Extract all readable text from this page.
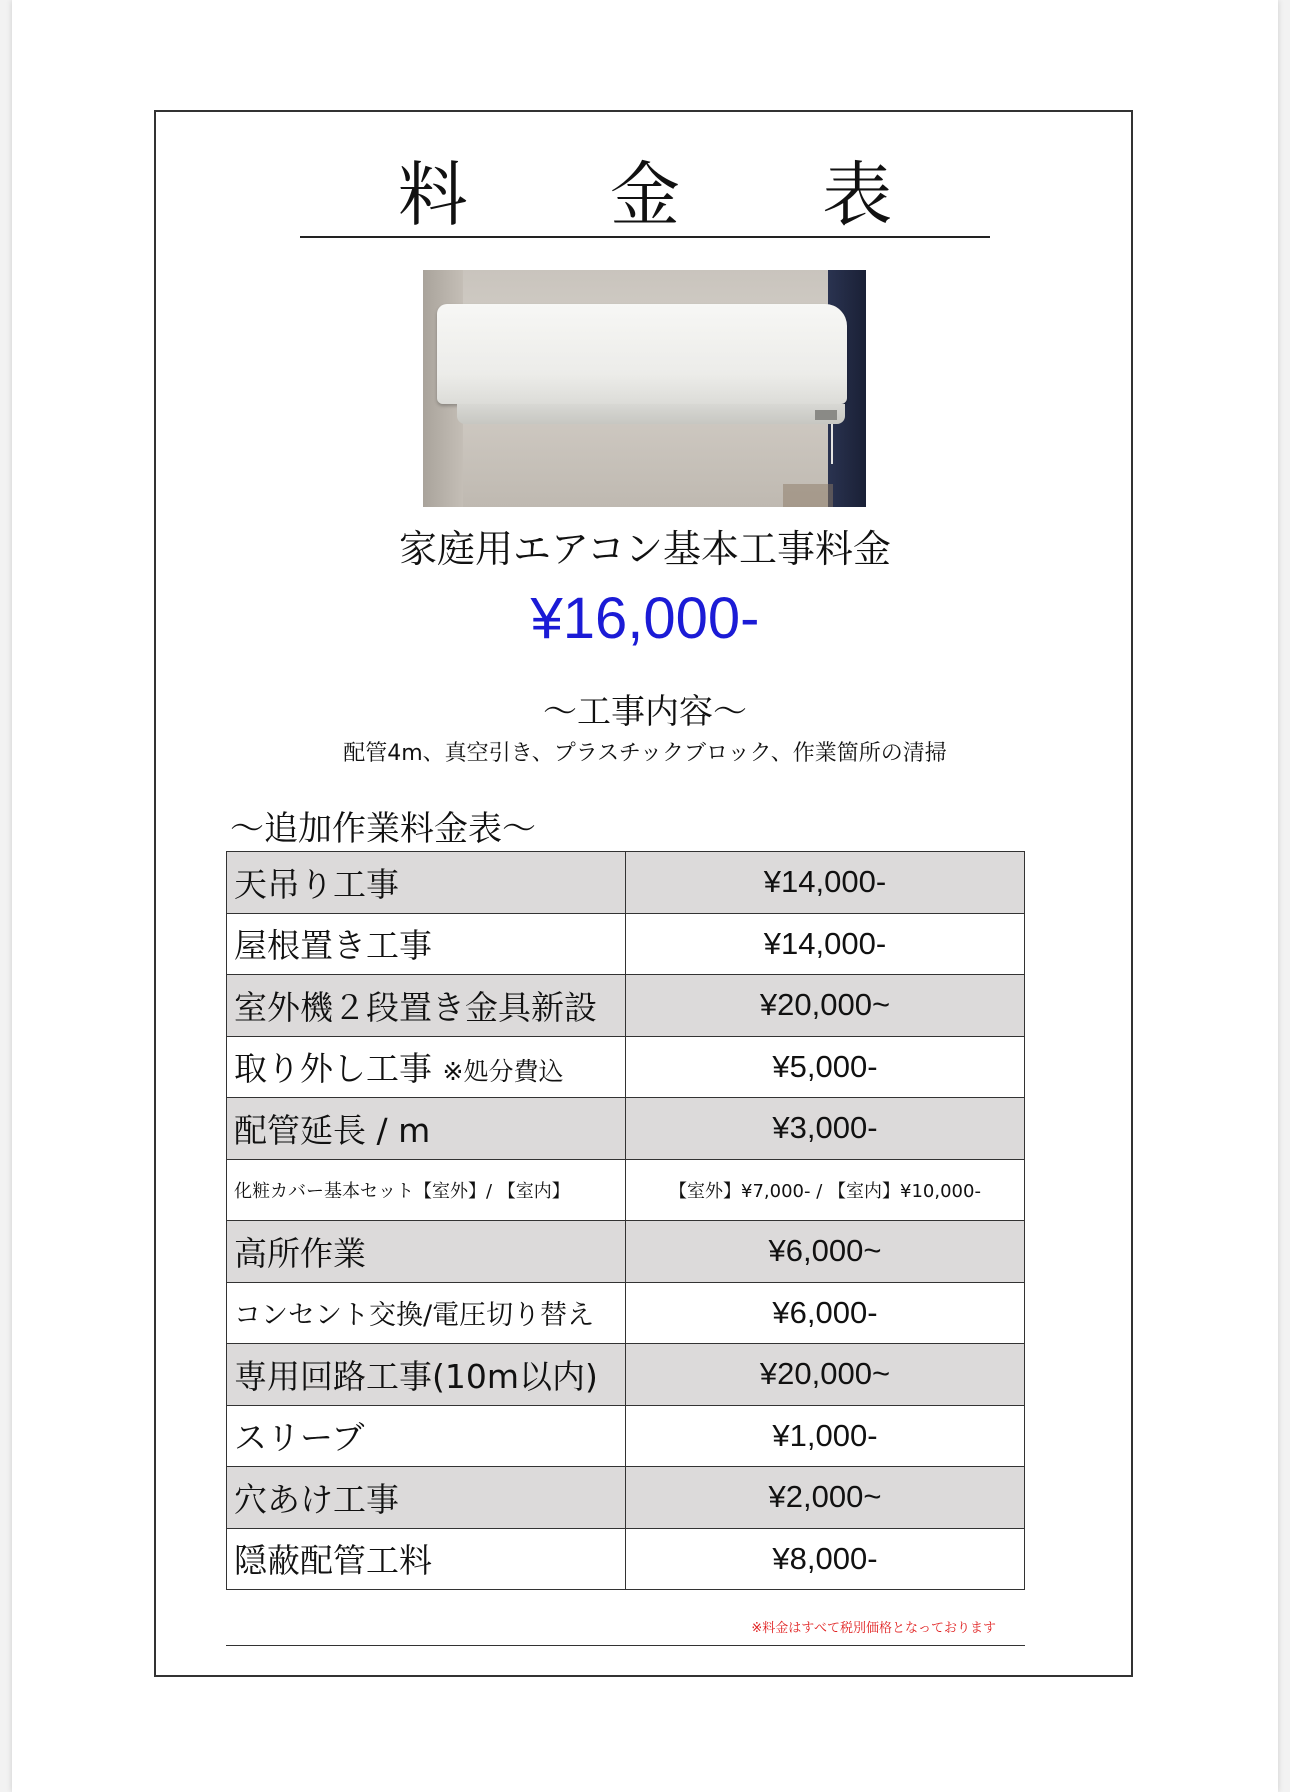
料 金 表
家庭用エアコン基本工事料金
¥16,000-
〜工事内容〜
配管4m、真空引き、プラスチックブロック、作業箇所の清掃
〜追加作業料金表〜
天吊り工事	¥14,000-
屋根置き工事	¥14,000-
室外機２段置き金具新設	¥20,000~
取り外し工事 ※処分費込	¥5,000-
配管延長 / m	¥3,000-
化粧カバー基本セット【室外】/ 【室内】	【室外】¥7,000- / 【室内】¥10,000-
高所作業	¥6,000~
コンセント交換/電圧切り替え	¥6,000-
専用回路工事(10m以内)	¥20,000~
スリーブ	¥1,000-
穴あけ工事	¥2,000~
隠蔽配管工料	¥8,000-
※料金はすべて税別価格となっております
